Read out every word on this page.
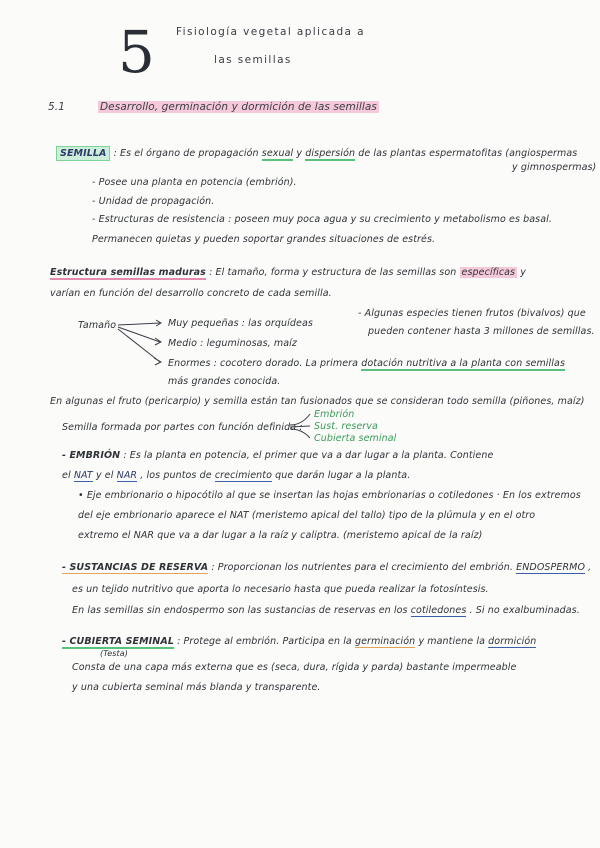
5 Fisiología vegetal aplicada a
las semillas
5.1	Desarrollo, germinación y dormición de las semillas
SEMILLA : Es el órgano de propagación sexual y dispersión de las plantas espermatofitas (angiospermas
y gimnospermas)
- Posee una planta en potencia (embrión).
- Unidad de propagación.
- Estructuras de resistencia : poseen muy poca agua y su crecimiento y metabolismo es basal.
Permanecen quietas y pueden soportar grandes situaciones de estrés.
Estructura semillas maduras : El tamaño, forma y estructura de las semillas son específicas y
varían en función del desarrollo concreto de cada semilla.
Tamaño	Muy pequeñas : las orquídeas
Medio : leguminosas, maíz
Enormes : cocotero dorado. La primera dotación nutritiva a la planta con semillas
más grandes conocida.
- Algunas especies tienen frutos (bivalvos) que
pueden contener hasta 3 millones de semillas.
En algunas el fruto (pericarpio) y semilla están tan fusionados que se consideran todo semilla (piñones, maíz)
Semilla formada por partes con función definida :
Embrión
Sust. reserva
Cubierta seminal
- EMBRIÓN : Es la planta en potencia, el primer que va a dar lugar a la planta. Contiene
el NAT y el NAR , los puntos de crecimiento que darán lugar a la planta.
• Eje embrionario o hipocótilo al que se insertan las hojas embrionarias o cotiledones · En los extremos
del eje embrionario aparece el NAT (meristemo apical del tallo) tipo de la plúmula y en el otro
extremo el NAR que va a dar lugar a la raíz y caliptra. (meristemo apical de la raíz)
- SUSTANCIAS DE RESERVA : Proporcionan los nutrientes para el crecimiento del embrión. ENDOSPERMO ,
es un tejido nutritivo que aporta lo necesario hasta que pueda realizar la fotosíntesis.
En las semillas sin endospermo son las sustancias de reservas en los cotiledones . Si no exalbuminadas.
- CUBIERTA SEMINAL : Protege al embrión. Participa en la germinación y mantiene la dormición
(Testa)
Consta de una capa más externa que es (seca, dura, rígida y parda) bastante impermeable
y una cubierta seminal más blanda y transparente.
